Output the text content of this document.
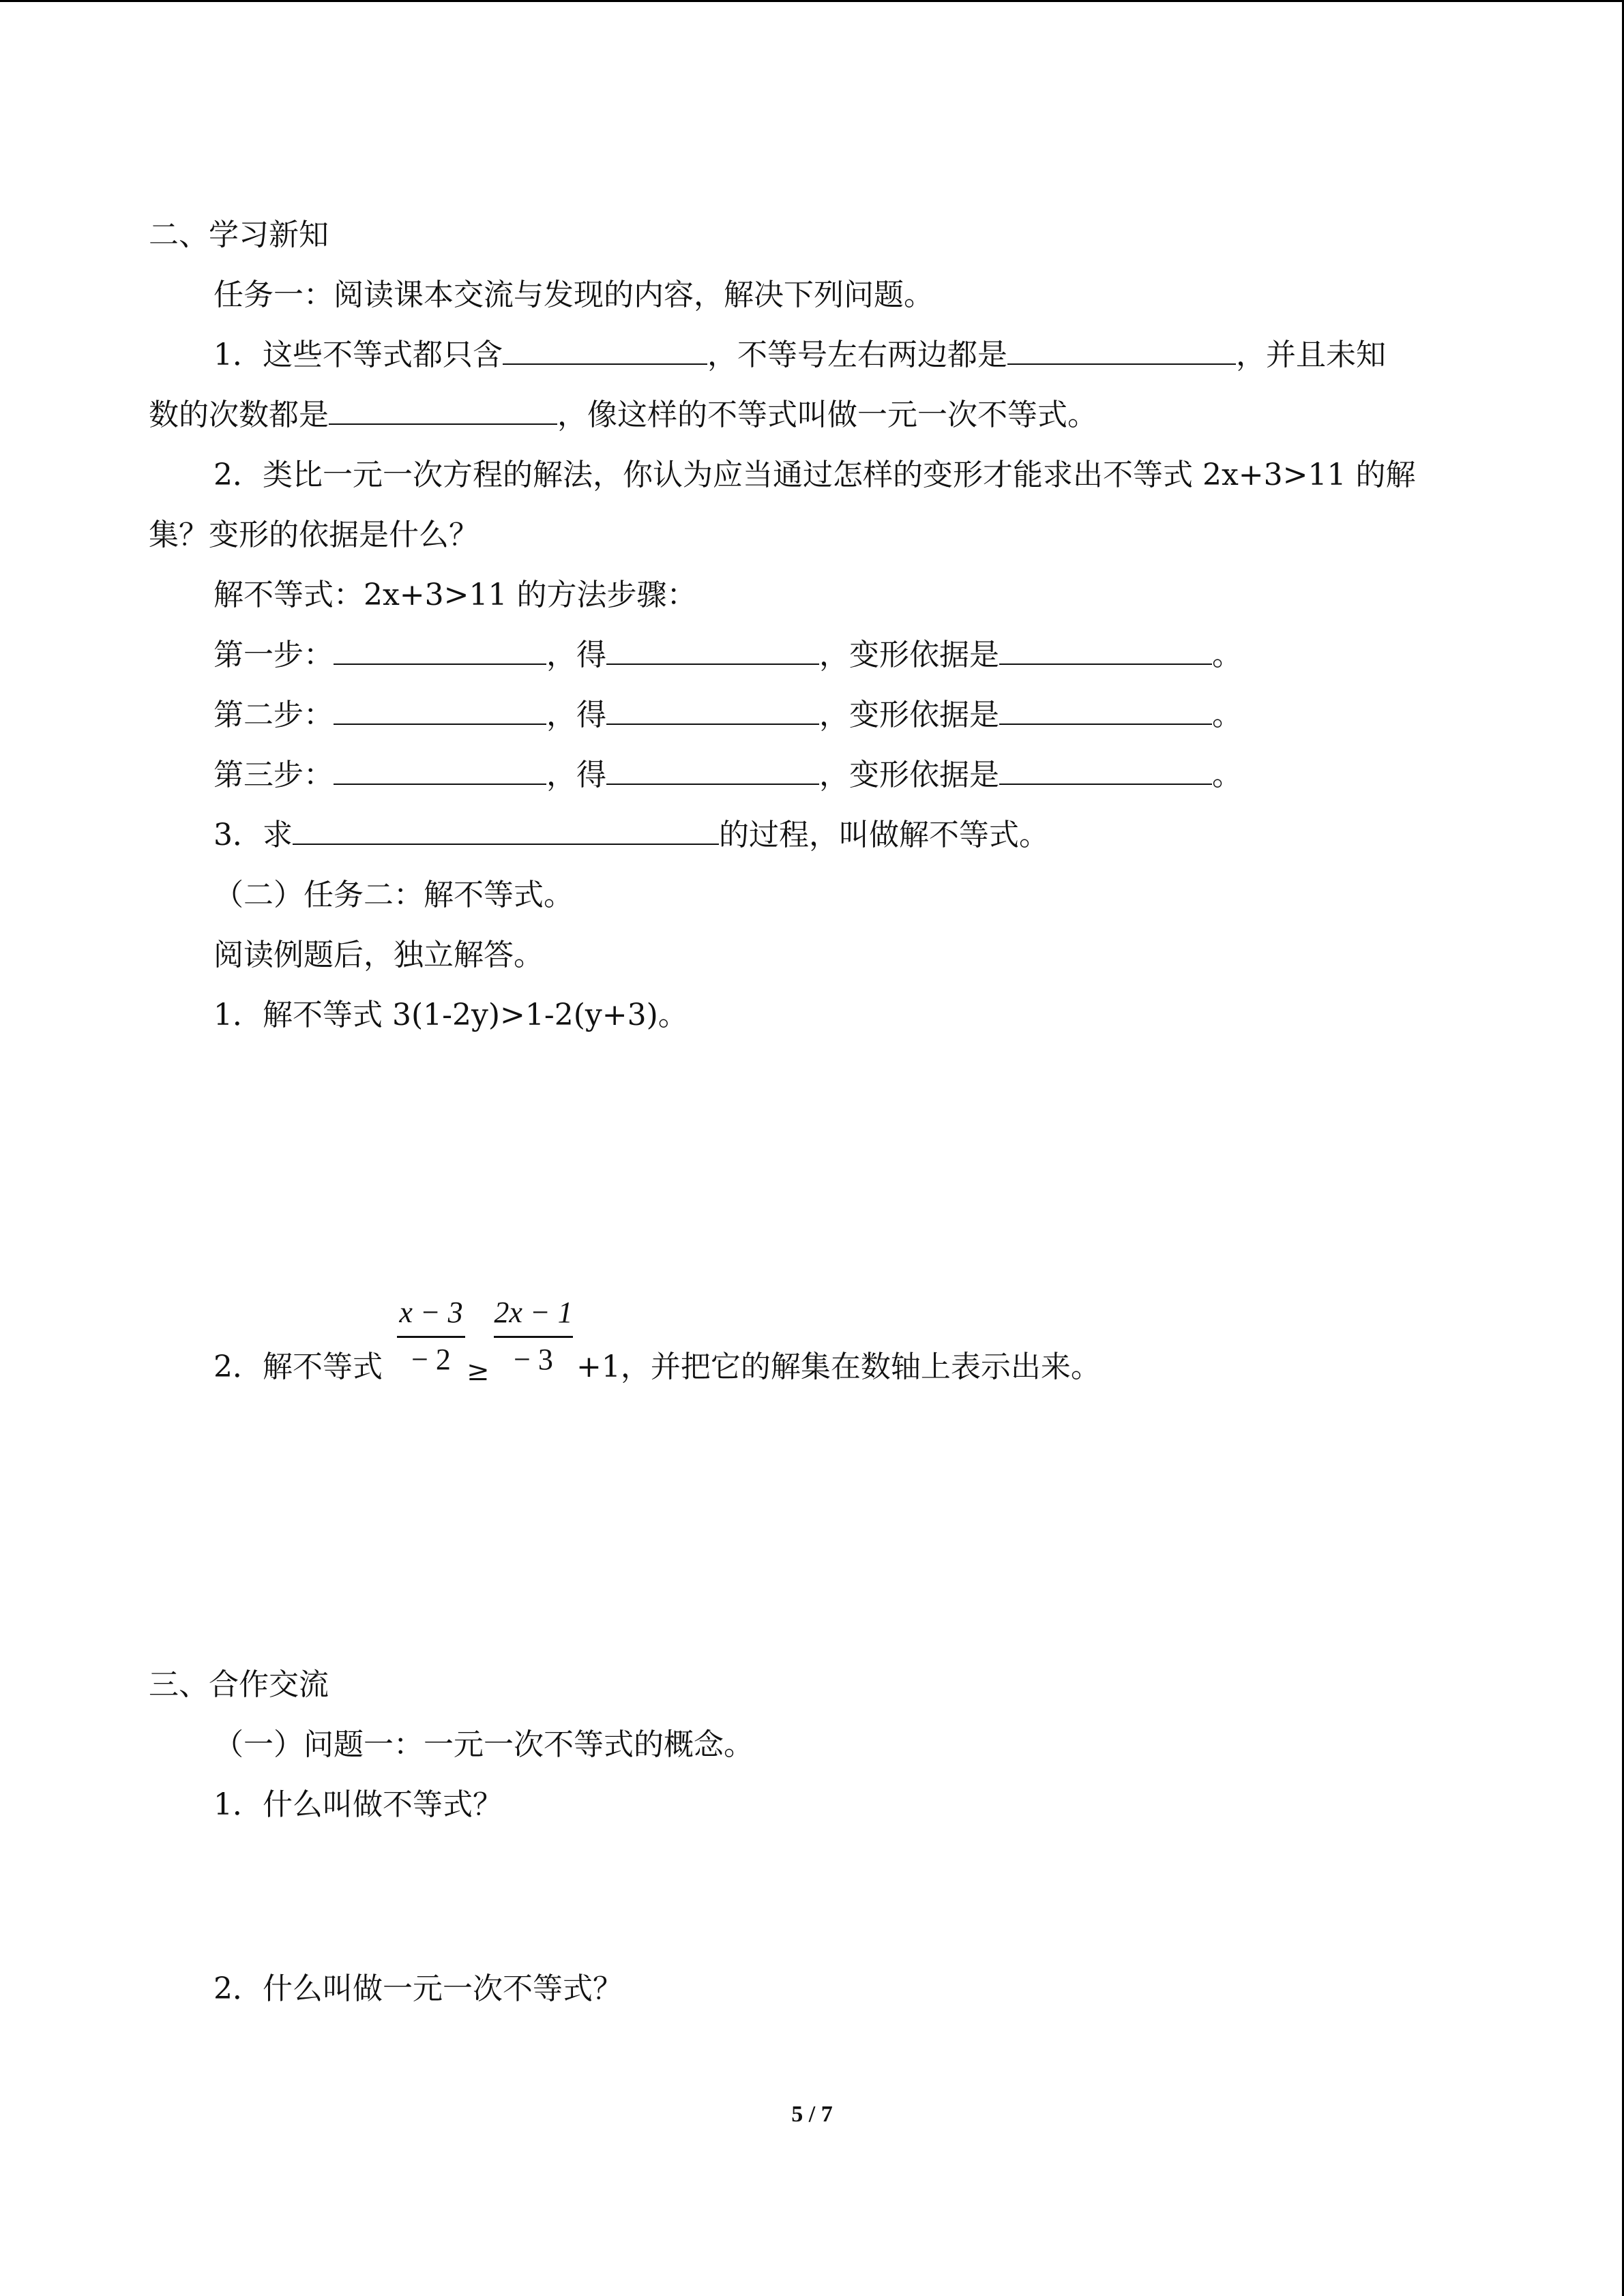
二、学习新知
任务一：阅读课本交流与发现的内容，解决下列问题。
1．这些不等式都只含	，不等号左右两边都是	，并且未知
数的次数都是	，像这样的不等式叫做一元一次不等式。
2．类比一元一次方程的解法，你认为应当通过怎样的变形才能求出不等式 2x+3>11 的解
集？变形的依据是什么？
解不等式：2x+3>11 的方法步骤：
第一步：	，得	，变形依据是	。
第二步：	，得	，变形依据是	。
第三步：	，得	，变形依据是	。
3．求	的过程，叫做解不等式。
（二）任务二：解不等式。
阅读例题后，独立解答。
1．解不等式 3(1-2y)>1-2(y+3)。
2．解不等式
x − 3
− 2 ≥
2x − 1
− 3 +1，并把它的解集在数轴上表示出来。
三、合作交流
（一）问题一：一元一次不等式的概念。
1．什么叫做不等式？
2．什么叫做一元一次不等式？
5 / 7
